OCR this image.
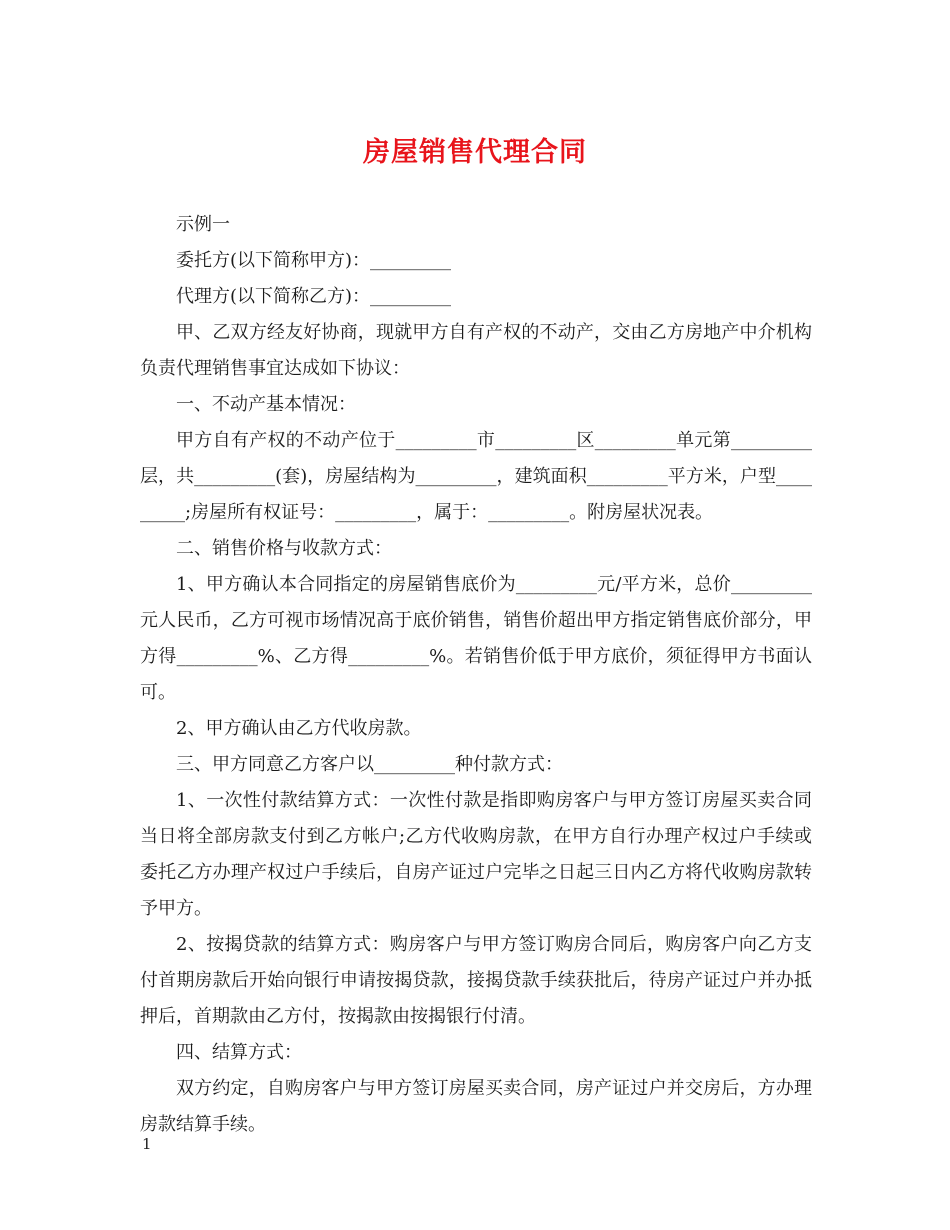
房屋销售代理合同

示例一

委托方(以下简称甲方)：_________

代理方(以下简称乙方)：_________

甲、乙双方经友好协商，现就甲方自有产权的不动产，交由乙方房地产中介机构负责代理销售事宜达成如下协议：

一、不动产基本情况：

甲方自有产权的不动产位于_________市_________区_________单元第_________层，共_________(套)，房屋结构为_________，建筑面积_________平方米，户型_________;房屋所有权证号：_________，属于：_________。附房屋状况表。

二、销售价格与收款方式：

1、甲方确认本合同指定的房屋销售底价为_________元/平方米，总价_________元人民币，乙方可视市场情况高于底价销售，销售价超出甲方指定销售底价部分，甲方得_________%、乙方得_________%。若销售价低于甲方底价，须征得甲方书面认可。

2、甲方确认由乙方代收房款。

三、甲方同意乙方客户以_________种付款方式：

1、一次性付款结算方式：一次性付款是指即购房客户与甲方签订房屋买卖合同当日将全部房款支付到乙方帐户;乙方代收购房款，在甲方自行办理产权过户手续或委托乙方办理产权过户手续后，自房产证过户完毕之日起三日内乙方将代收购房款转予甲方。

2、按揭贷款的结算方式：购房客户与甲方签订购房合同后，购房客户向乙方支付首期房款后开始向银行申请按揭贷款，接揭贷款手续获批后，待房产证过户并办抵押后，首期款由乙方付，按揭款由按揭银行付清。

四、结算方式：

双方约定，自购房客户与甲方签订房屋买卖合同，房产证过户并交房后，方办理房款结算手续。

1
